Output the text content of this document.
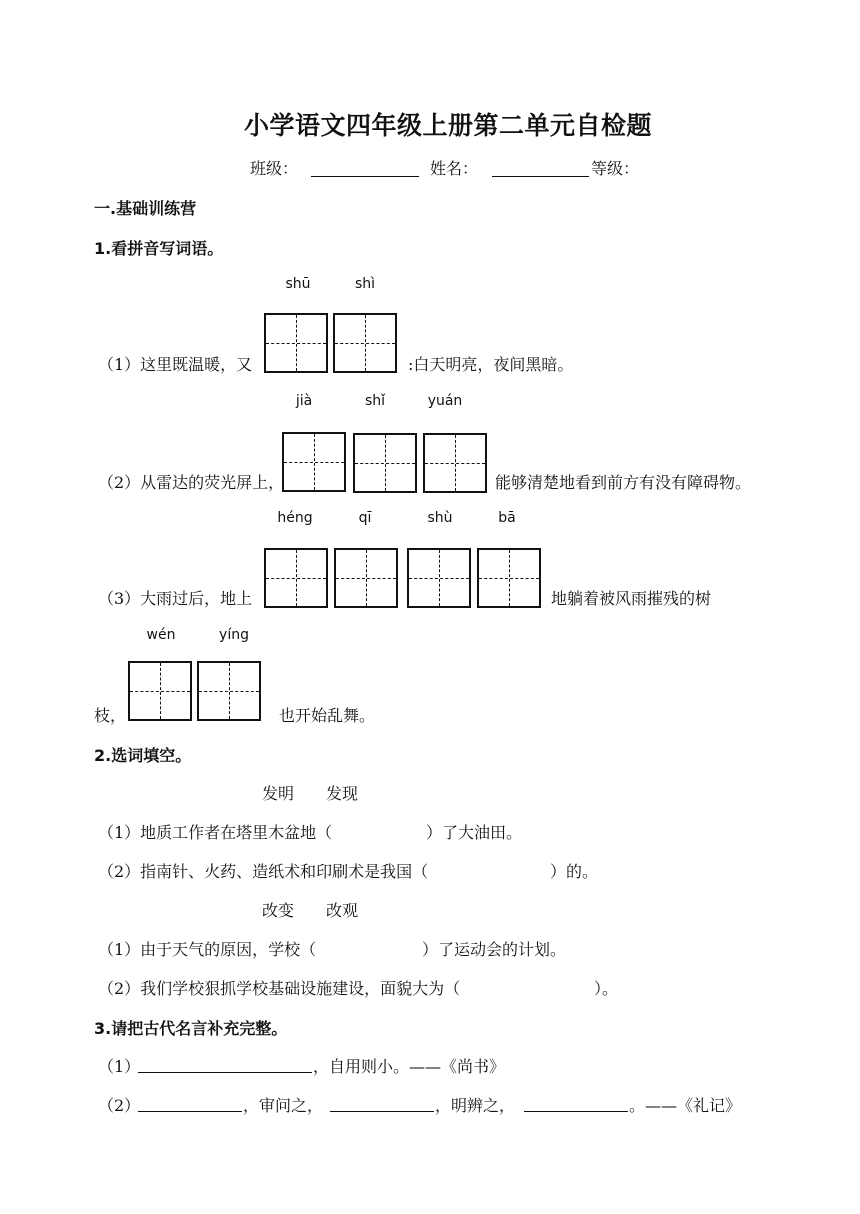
小学语文四年级上册第二单元自检题
班级：	姓名：	等级：
一.基础训练营
1.看拼音写词语。
shū	shì
（1）这里既温暖，又	:白天明亮，夜间黑暗。
jià	shǐ	yuán
（2）从雷达的荧光屏上，	能够清楚地看到前方有没有障碍物。
héng	qī	shù	bā
（3）大雨过后，地上	地躺着被风雨摧残的树
wén	yíng
枝，	也开始乱舞。
2.选词填空。
发明　　发现
（1）地质工作者在塔里木盆地（	）了大油田。
（2）指南针、火药、造纸术和印刷术是我国（	）的。
改变　　改观
（1）由于天气的原因，学校（	）了运动会的计划。
（2）我们学校狠抓学校基础设施建设，面貌大为（	）。
3.请把古代名言补充完整。
（1）	，自用则小。——《尚书》
（2）	，审问之，	，明辨之，	。——《礼记》
